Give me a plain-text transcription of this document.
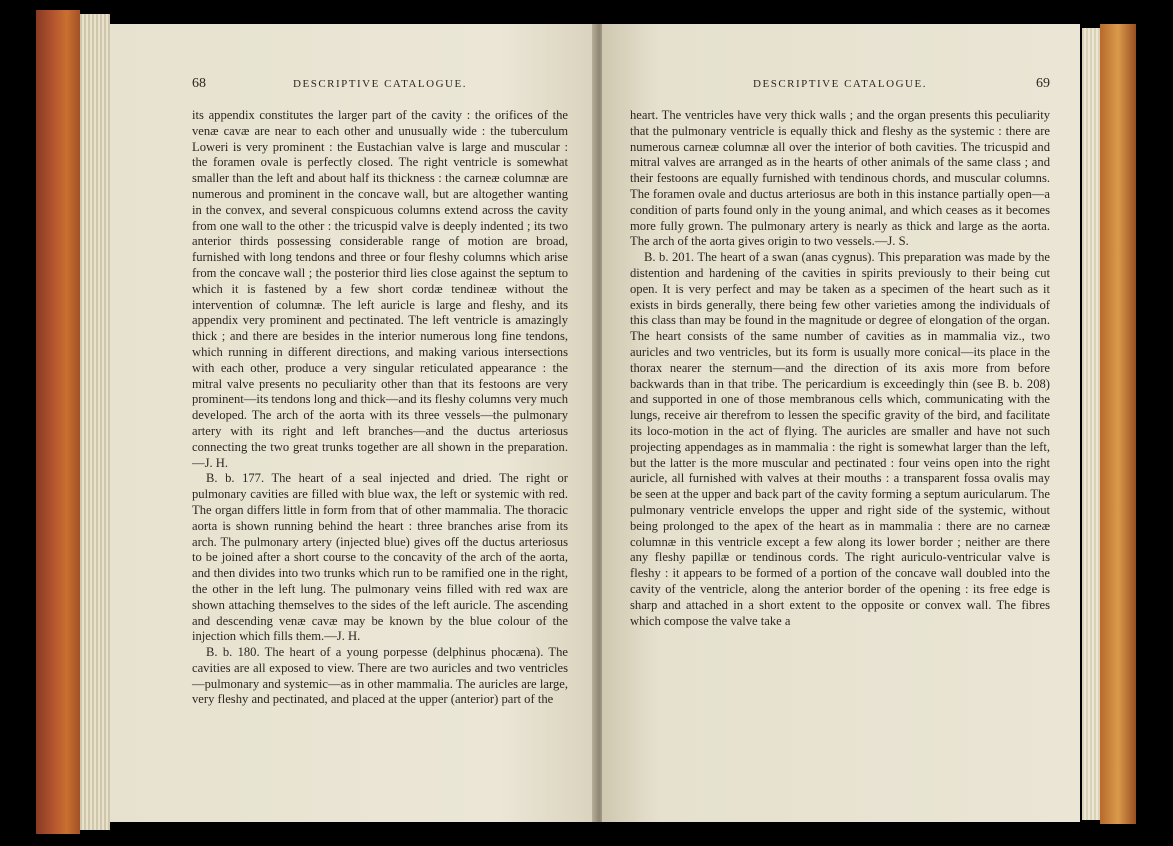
68	DESCRIPTIVE CATALOGUE.

its appendix constitutes the larger part of the cavity : the orifices of the venæ cavæ are near to each other and unusually wide : the tuberculum Loweri is very prominent : the Eustachian valve is large and muscular : the foramen ovale is perfectly closed. The right ventricle is somewhat smaller than the left and about half its thickness : the carneæ columnæ are numerous and prominent in the concave wall, but are altogether wanting in the convex, and several conspicuous columns extend across the cavity from one wall to the other : the tricuspid valve is deeply indented ; its two anterior thirds possessing considerable range of motion are broad, furnished with long tendons and three or four fleshy columns which arise from the concave wall ; the posterior third lies close against the septum to which it is fastened by a few short cordæ tendineæ without the intervention of columnæ. The left auricle is large and fleshy, and its appendix very prominent and pectinated. The left ventricle is amazingly thick ; and there are besides in the interior numerous long fine tendons, which running in different directions, and making various intersections with each other, produce a very singular reticulated appearance : the mitral valve presents no peculiarity other than that its festoons are very prominent—its tendons long and thick—and its fleshy columns very much developed. The arch of the aorta with its three vessels—the pulmonary artery with its right and left branches—and the ductus arteriosus connecting the two great trunks together are all shown in the preparation.—J. H.

B. b. 177. The heart of a seal injected and dried. The right or pulmonary cavities are filled with blue wax, the left or systemic with red. The organ differs little in form from that of other mammalia. The thoracic aorta is shown running behind the heart : three branches arise from its arch. The pulmonary artery (injected blue) gives off the ductus arteriosus to be joined after a short course to the concavity of the arch of the aorta, and then divides into two trunks which run to be ramified one in the right, the other in the left lung. The pulmonary veins filled with red wax are shown attaching themselves to the sides of the left auricle. The ascending and descending venæ cavæ may be known by the blue colour of the injection which fills them.—J. H.

B. b. 180. The heart of a young porpesse (delphinus phocæna). The cavities are all exposed to view. There are two auricles and two ventricles—pulmonary and systemic—as in other mammalia. The auricles are large, very fleshy and pectinated, and placed at the upper (anterior) part of the

DESCRIPTIVE CATALOGUE.	69

heart. The ventricles have very thick walls ; and the organ presents this peculiarity that the pulmonary ventricle is equally thick and fleshy as the systemic : there are numerous carneæ columnæ all over the interior of both cavities. The tricuspid and mitral valves are arranged as in the hearts of other animals of the same class ; and their festoons are equally furnished with tendinous chords, and muscular columns. The foramen ovale and ductus arteriosus are both in this instance partially open—a condition of parts found only in the young animal, and which ceases as it becomes more fully grown. The pulmonary artery is nearly as thick and large as the aorta. The arch of the aorta gives origin to two vessels.—J. S.

B. b. 201. The heart of a swan (anas cygnus). This preparation was made by the distention and hardening of the cavities in spirits previously to their being cut open. It is very perfect and may be taken as a specimen of the heart such as it exists in birds generally, there being few other varieties among the individuals of this class than may be found in the magnitude or degree of elongation of the organ. The heart consists of the same number of cavities as in mammalia viz., two auricles and two ventricles, but its form is usually more conical—its place in the thorax nearer the sternum—and the direction of its axis more from before backwards than in that tribe. The pericardium is exceedingly thin (see B. b. 208) and supported in one of those membranous cells which, communicating with the lungs, receive air therefrom to lessen the specific gravity of the bird, and facilitate its loco-motion in the act of flying. The auricles are smaller and have not such projecting appendages as in mammalia : the right is somewhat larger than the left, but the latter is the more muscular and pectinated : four veins open into the right auricle, all furnished with valves at their mouths : a transparent fossa ovalis may be seen at the upper and back part of the cavity forming a septum auricularum. The pulmonary ventricle envelops the upper and right side of the systemic, without being prolonged to the apex of the heart as in mammalia : there are no carneæ columnæ in this ventricle except a few along its lower border ; neither are there any fleshy papillæ or tendinous cords. The right auriculo-ventricular valve is fleshy : it appears to be formed of a portion of the concave wall doubled into the cavity of the ventricle, along the anterior border of the opening : its free edge is sharp and attached in a short extent to the opposite or convex wall. The fibres which compose the valve take a
